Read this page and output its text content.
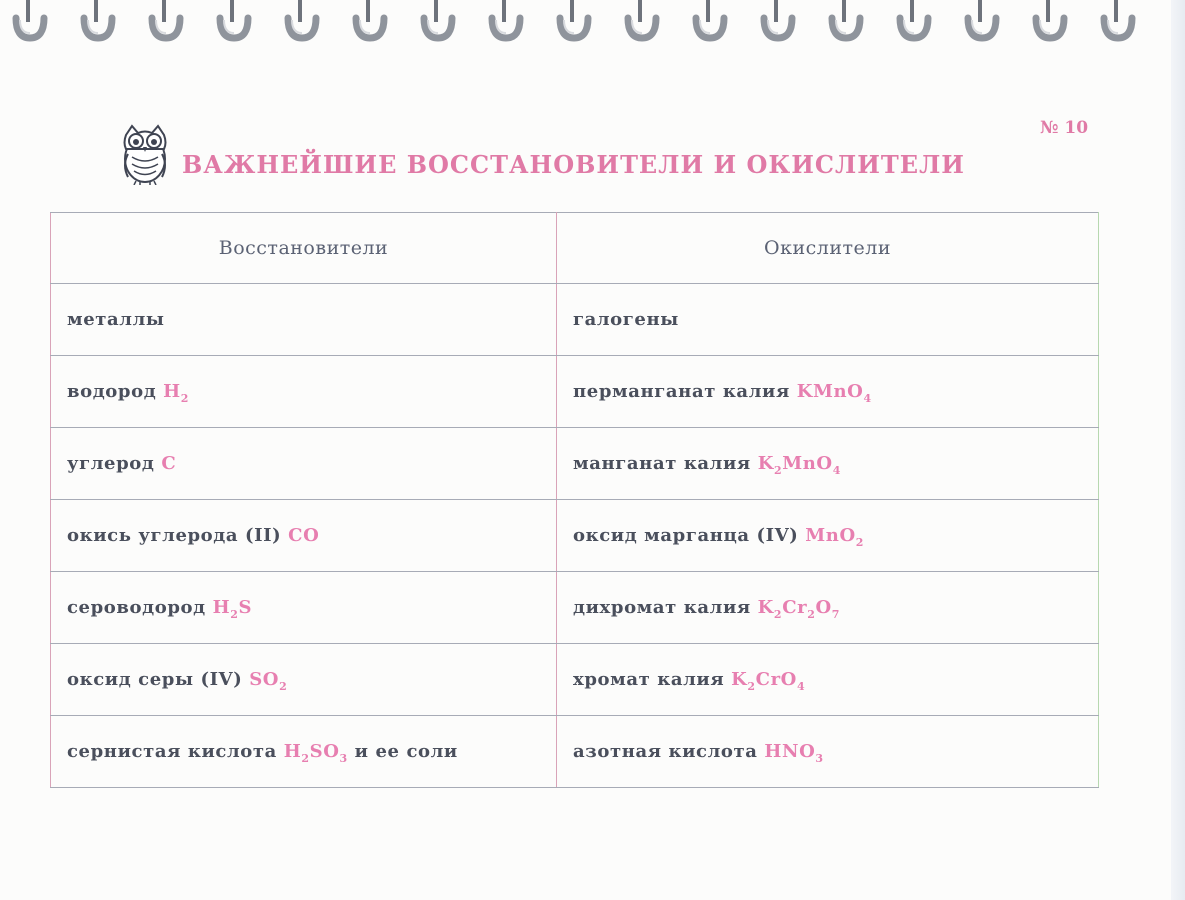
ВАЖНЕЙШИЕ ВОССТАНОВИТЕЛИ И ОКИСЛИТЕЛИ
№ 10
Восстановители	Окислители
металлы	галогены
водород $H_2$	перманганат калия KMnO$_4$
углерод C	манганат калия $K_2MnO_4$
окись углерода (II) CO	оксид марганца (IV) MnO$_2$
сероводород $H_2S$	дихромат калия $K_2Cr_2O_7$
оксид серы (IV) $SO_2$	хромат калия $K_2CrO_4$
сернистая кислота $H_2SO_3$ и ее соли	азотная кислота $HNO_3$
